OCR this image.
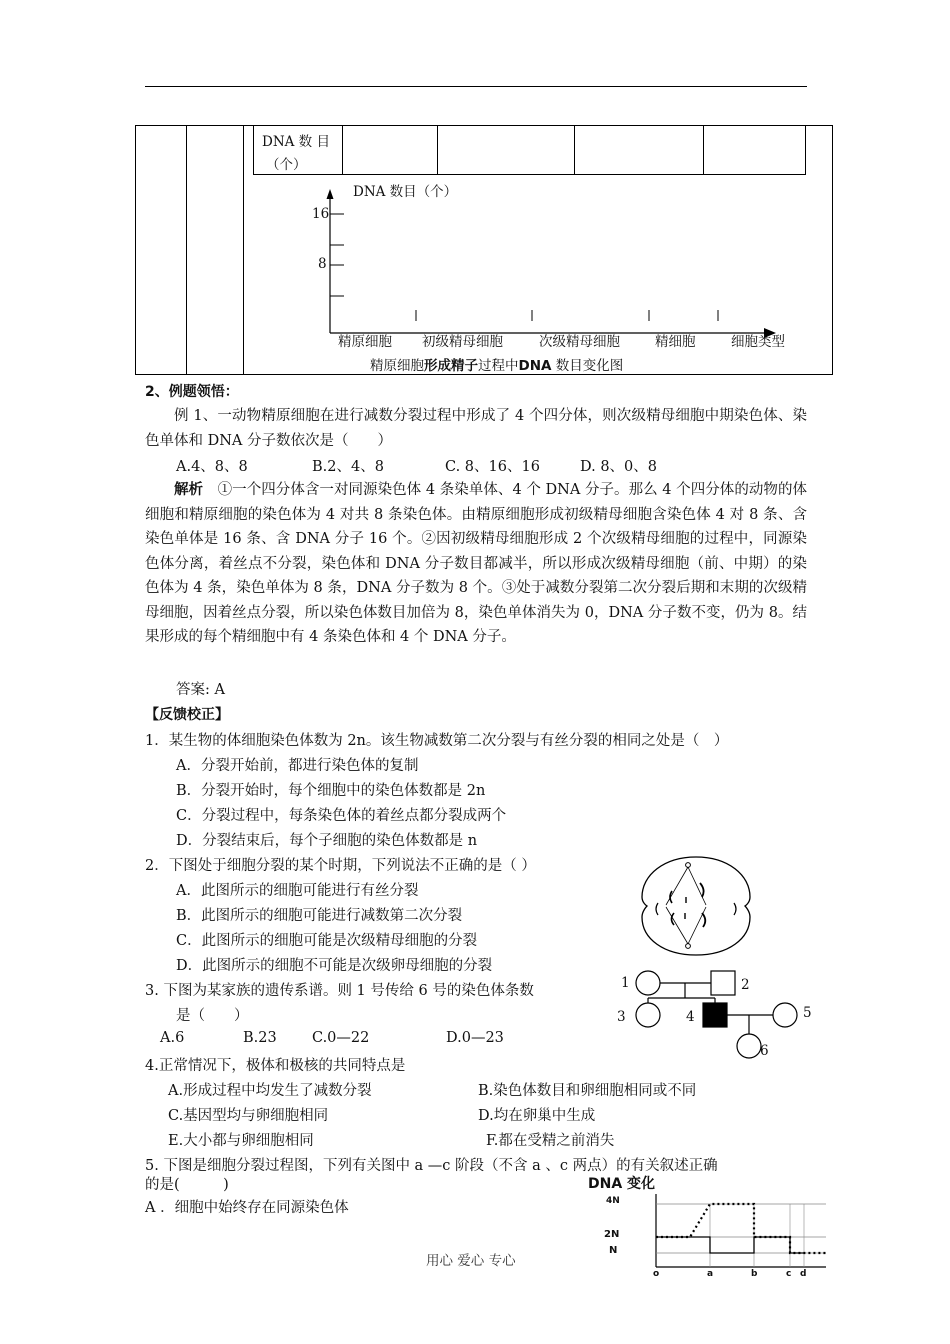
DNA 数 目
（个）
DNA 数目（个）
16
8
精原细胞 初级精母细胞	次级精母细胞	精细胞	细胞类型
精原细胞形成精子过程中DNA 数目变化图
2、例题领悟：
例 1、一动物精原细胞在进行减数分裂过程中形成了 4 个四分体，则次级精母细胞中期染色体、染色单体和 DNA 分子数依次是（　　）
A.4、8、8	B.2、4、8	C. 8、16、16	D. 8、0、8
解析　 ①一个四分体含一对同源染色体 4 条染单体、4 个 DNA 分子。那么 4 个四分体的动物的体细胞和精原细胞的染色体为 4 对共 8 条染色体。由精原细胞形成初级精母细胞含染色体 4 对 8 条、含染色单体是 16 条、含 DNA 分子 16 个。②因初级精母细胞形成 2 个次级精母细胞的过程中，同源染色体分离，着丝点不分裂，染色体和 DNA 分子数目都减半，所以形成次级精母细胞（前、中期）的染色体为 4 条，染色单体为 8 条，DNA 分子数为 8 个。③处于减数分裂第二次分裂后期和末期的次级精母细胞，因着丝点分裂，所以染色体数目加倍为 8，染色单体消失为 0，DNA 分子数不变，仍为 8。结果形成的每个精细胞中有 4 条染色体和 4 个 DNA 分子。
答案: A
【反馈校正】
1．某生物的体细胞染色体数为 2n。该生物减数第二次分裂与有丝分裂的相同之处是（　）
A．分裂开始前，都进行染色体的复制
B．分裂开始时，每个细胞中的染色体数都是 2n
C．分裂过程中，每条染色体的着丝点都分裂成两个
D．分裂结束后，每个子细胞的染色体数都是 n
2．下图处于细胞分裂的某个时期，下列说法不正确的是（ ）
A．此图所示的细胞可能进行有丝分裂
B．此图所示的细胞可能进行减数第二次分裂
C．此图所示的细胞可能是次级精母细胞的分裂
D．此图所示的细胞不可能是次级卵母细胞的分裂
3. 下图为某家族的遗传系谱。则 1 号传给 6 号的染色体条数
是（　　）
A.6	B.23 C.0—22	D.0—23
1	2
3	4	5
6
4.正常情况下，极体和极核的共同特点是
A.形成过程中均发生了减数分裂	B.染色体数目和卵细胞相同或不同
C.基因型均与卵细胞相同	D.均在卵巢中生成
E.大小都与卵细胞相同	F.都在受精之前消失
5. 下图是细胞分裂过程图，下列有关图中 a —c 阶段（不含 a 、c 两点）的有关叙述正确
的是(　　　)
A ．细胞中始终存在同源染色体
DNA 变化
4N
2N
N
o	a	b	c d
用心 爱心 专心
